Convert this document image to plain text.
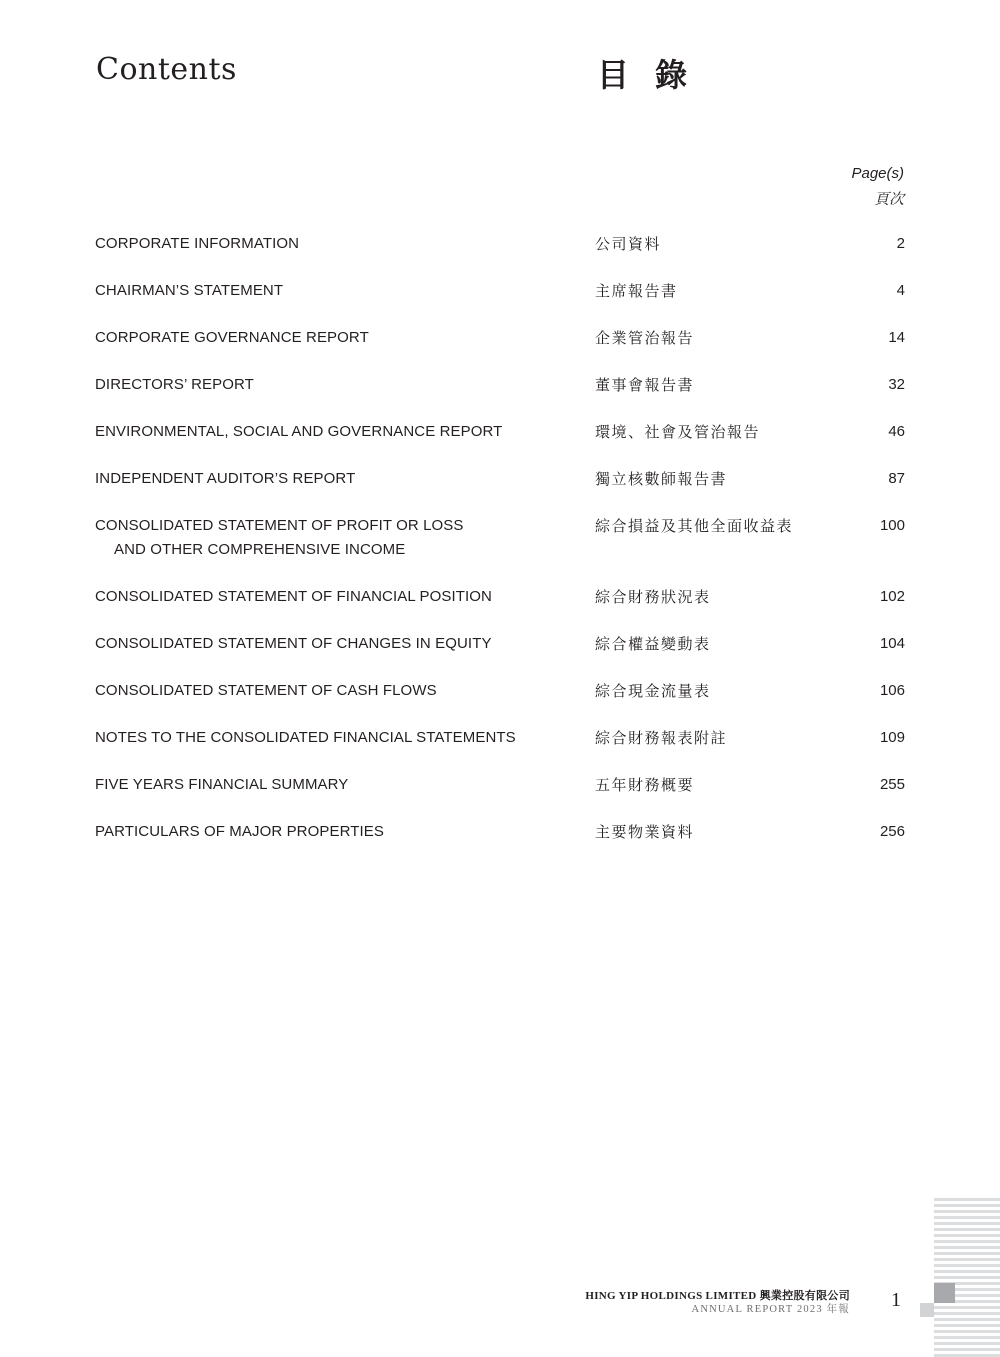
Contents	目錄
Page(s)
頁次
CORPORATE INFORMATION	公司資料	2
CHAIRMAN’S STATEMENT	主席報告書	4
CORPORATE GOVERNANCE REPORT	企業管治報告	14
DIRECTORS’ REPORT	董事會報告書	32
ENVIRONMENTAL, SOCIAL AND GOVERNANCE REPORT	環境、社會及管治報告	46
INDEPENDENT AUDITOR’S REPORT	獨立核數師報告書	87
CONSOLIDATED STATEMENT OF PROFIT OR LOSS
AND OTHER COMPREHENSIVE INCOME
綜合損益及其他全面收益表	100
CONSOLIDATED STATEMENT OF FINANCIAL POSITION	綜合財務狀況表	102
CONSOLIDATED STATEMENT OF CHANGES IN EQUITY	綜合權益變動表	104
CONSOLIDATED STATEMENT OF CASH FLOWS	綜合現金流量表	106
NOTES TO THE CONSOLIDATED FINANCIAL STATEMENTS	綜合財務報表附註	109
FIVE YEARS FINANCIAL SUMMARY	五年財務概要	255
PARTICULARS OF MAJOR PROPERTIES	主要物業資料	256
HING YIP HOLDINGS LIMITED 興業控股有限公司
ANNUAL REPORT 2023 年報 1
